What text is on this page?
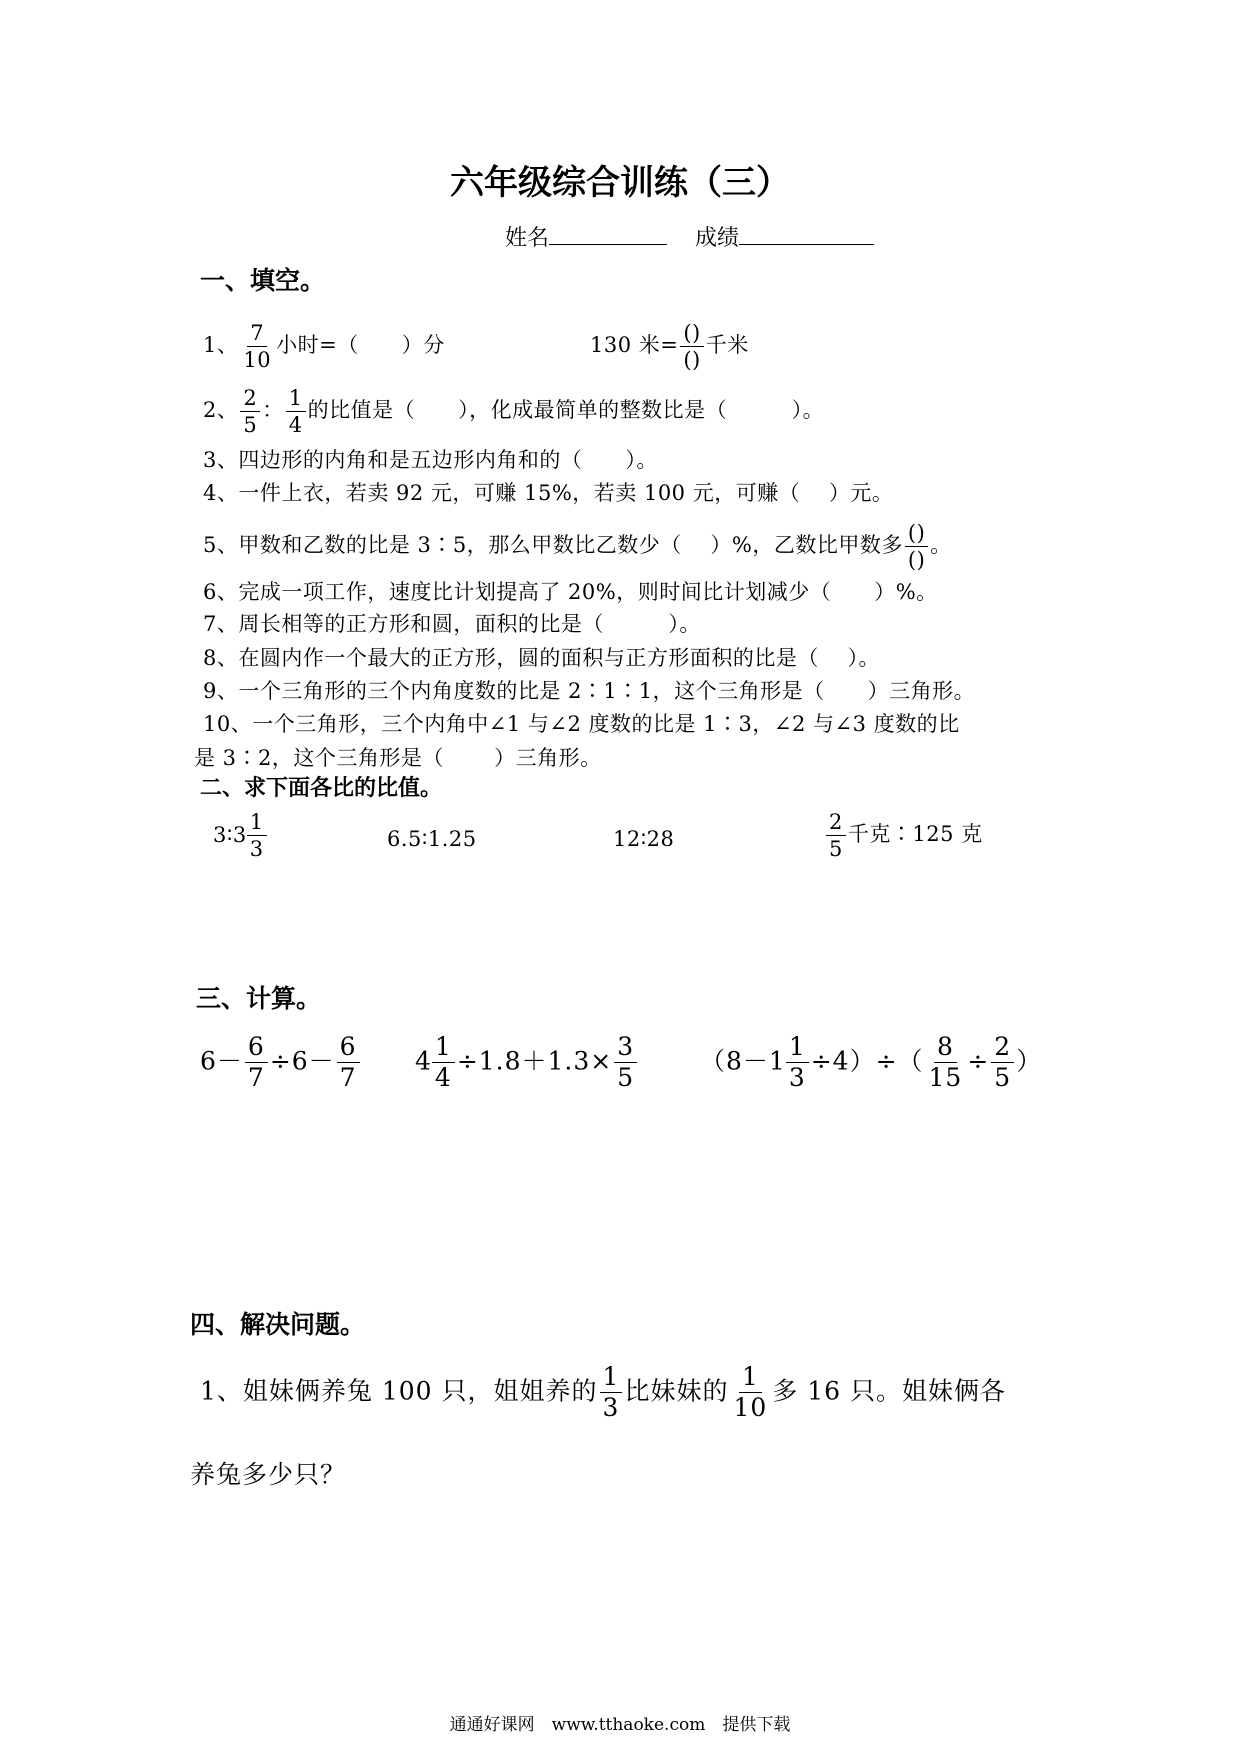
六年级综合训练（三）
姓名	成绩
一、填空。
1、 $\frac{7}{10}$ 小时=（　　）分	130 米= $\frac{()}{()}$ 千米
2、 $\frac{2}{5}$ ： $\frac{1}{4}$ 的比值是（　　），化成最简单的整数比是（　　　）。
3、四边形的内角和是五边形内角和的（　　）。
4、一件上衣，若卖 92 元，可赚 15%，若卖 100 元，可赚（　 ）元。
5、甲数和乙数的比是 3∶5，那么甲数比乙数少（　 ）%，乙数比甲数多 $\frac{()}{()}$ 。
6、完成一项工作，速度比计划提高了 20%，则时间比计划减少（　　）%。
7、周长相等的正方形和圆，面积的比是（　　　）。
8、在圆内作一个最大的正方形，圆的面积与正方形面积的比是（　 ）。
9、一个三角形的三个内角度数的比是 2∶1∶1，这个三角形是（　　）三角形。
10、一个三角形，三个内角中∠1 与∠2 度数的比是 1∶3，∠2 与∠3 度数的比
是 3∶2，这个三角形是（　　 ）三角形。
二、求下面各比的比值。
3∶3 $\frac{1}{3}$	6.5∶1.25	12∶28	$\frac{2}{5}$ 千克∶125 克
三、计算。
$6- \frac{6}{7} \div 6- \frac{6}{7} 4 \frac{1}{4} \div 1.8+1.3\times \frac{3}{5}$	$(8-1 \frac{1}{3} \div 4)\div( \frac{8}{15} \div \frac{2}{5}$ ）
四、解决问题。
1、姐妹俩养兔 100 只，姐姐养的 $\frac{1}{3}$ 比妹妹的 $\frac{1}{10}$ 多 16 只。姐妹俩各
养兔多少只？
通通好课网　www.tthaoke.com　提供下载
